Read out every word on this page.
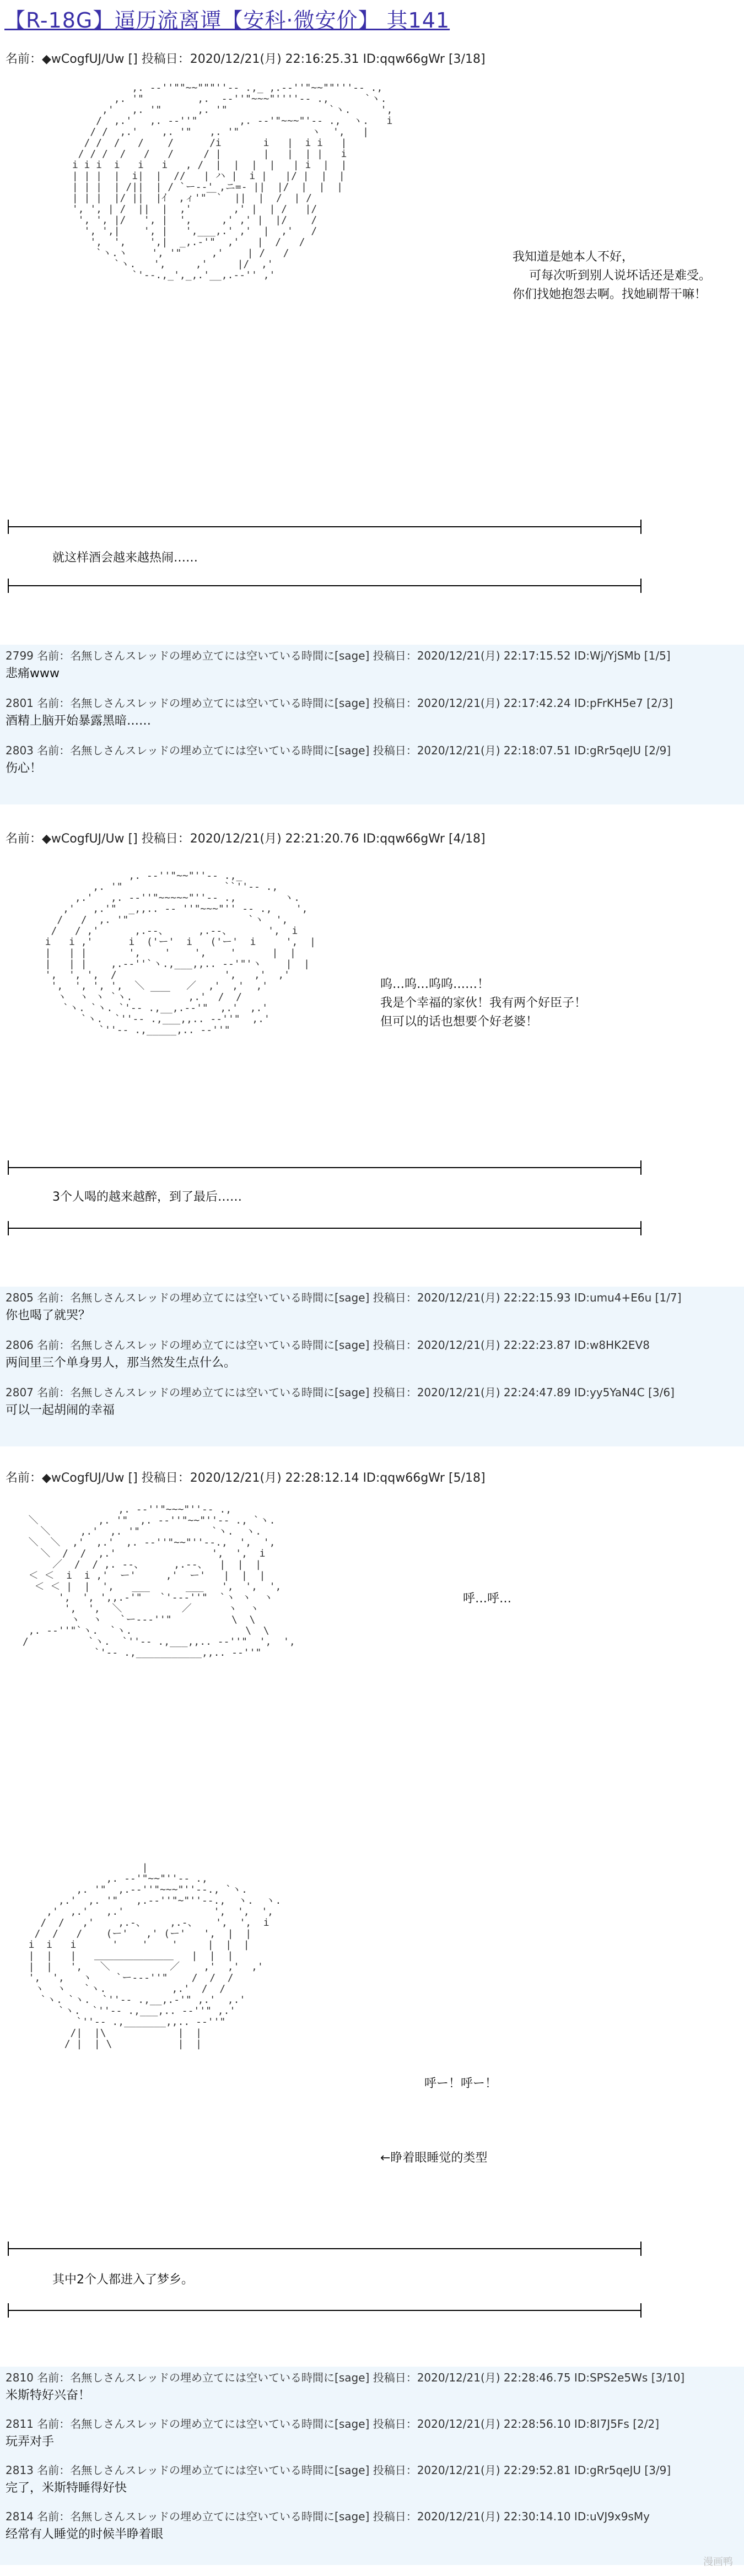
【R-18G】逼历流离谭【安科·微安价】 其141
名前：◆wCogfUJ/Uw [] 投稿日：2020/12/21(月) 22:16:25.31 ID:qqw66gWr [3/18]
,. -‐''""~~"""''‐- .,_ ,.-‐''"~~""'''‐- .,
,. '"         ,.  -‐''"~~~"''''‐- .,      `ヽ.
,'   ,. '"      ,. '"                 `ヽ.     ',
/  ,.'   ,. -‐''"       ,. -‐'"~~~"'‐- .,  ヽ.   i
/ /  ,.'    ,. '"   ,. '"            ヽ  ',   |
/ /  /   /    /      /i       i   |  i i   |
/ / /  /   /   /     / |       |   |  | |   i
i i i  i   i   i   , /  |  |  |  |   | i  |  |
| | |  |  i|  |  //   | ハ |  i |   |/ |  |  |
| | |  | /||  | / `ー-‐' ,ニ=- ||  |/  |  |  |
| | |  |/ ||  |ｲ  ,ィ'"￣`  ||  |  /  | /
', ', | /  ||  |  ,'       ,' |  | /   |/
', ', |/   ', |  ',     ,' ,' |  |/    /
', ',|    ', |   ',___,.' ,'  |  ,'   /
',  ',    ',|  _,.-'"  ,'   |  /   /
`ヽ.ヽ    ', '"     ,'    | /   /
`ヽ.   ',     ,'     |/  ,'
`'‐-.,_',_,.'__,.-‐'' ,'
我知道是她本人不好，
可每次听到别人说坏话还是难受。
你们找她抱怨去啊。找她刷帮干嘛！
就这样酒会越来越热闹……
2799 名前：名無しさんスレッドの埋め立てには空いている時間に[sage] 投稿日：2020/12/21(月) 22:17:15.52 ID:Wj/YjSMb [1/5]
悲痛www
2801 名前：名無しさんスレッドの埋め立てには空いている時間に[sage] 投稿日：2020/12/21(月) 22:17:42.24 ID:pFrKH5e7 [2/3]
酒精上脑开始暴露黑暗……
2803 名前：名無しさんスレッドの埋め立てには空いている時間に[sage] 投稿日：2020/12/21(月) 22:18:07.51 ID:gRr5qeJU [2/9]
伤心！
名前：◆wCogfUJ/Uw [] 投稿日：2020/12/21(月) 22:21:20.76 ID:qqw66gWr [4/18]
,. -‐''"~~"''‐- .,_
,. '"                 ``''‐- .,
,.'   ,. -‐''"~~~~~"''‐- .,        ヽ.
,'   ,.'"  _,,.. -‐ ''"~~~"'' ‐- .,    ',
/   /  ,. '"                    `ヽ  ',
/   / ,'      ,.-‐、     ,.-‐、      ',  i
i   i ,'      i  ('ー'  i   ('ー'  i     ',  |
|   | |       ',    '    ',    '      |  |
|   | |    ,.-‐''`ヽ.,___,,.. -‐'"'ヽ    |  |
',  ', ',  /                  ',   ,'  ,'
',  ', ', ',  ＼       ／  ,'  ,'  ,'
ヽ  ヽ ヽ `ヽ.   ￣￣   ,.'  /  /
`ヽ. `ヽ. `'‐- .,__,.-‐'"  ,.'  ,.'
`ヽ.  `''‐- .,___,,.. -‐''"  ,.'
`''‐- .,_____,.. -‐''"
呜…呜…呜呜……！
我是个幸福的家伙！我有两个好臣子！
但可以的话也想要个好老婆！
3个人喝的越来越醉，到了最后……
2805 名前：名無しさんスレッドの埋め立てには空いている時間に[sage] 投稿日：2020/12/21(月) 22:22:15.93 ID:umu4+E6u [1/7]
你也喝了就哭？
2806 名前：名無しさんスレッドの埋め立てには空いている時間に[sage] 投稿日：2020/12/21(月) 22:22:23.87 ID:w8HK2EV8
两间里三个单身男人，那当然发生点什么。
2807 名前：名無しさんスレッドの埋め立てには空いている時間に[sage] 投稿日：2020/12/21(月) 22:24:47.89 ID:yy5YaN4C [3/6]
可以一起胡闹的幸福
名前：◆wCogfUJ/Uw [] 投稿日：2020/12/21(月) 22:28:12.14 ID:qqw66gWr [5/18]
,. -‐''"~~~"''‐- .,
＼          ,. '"  ,. -‐''"~~"''‐- ., `ヽ.
＼     ,.'  ,. '"            `ヽ.  ヽ.
＼  ＼  ,'  ,.'  ,. -‐''"~~"''‐-.,  ',  ',
＼  /  /  ,.'                ',  ',  i
／  /  / ,. --、     ,.--、  |  |  |
＜ ＜  i  i ,'  ー'     ,'  ー'   |  |  |
＜ ＜ |  |  ',   ___      ___   ',  ',  ',
',  ', ',,.-'"   `'‐-‐''"  `ヽ ヽ  ヽ
',  ',  ＼          ／      ヽ  ヽ
ヽ  ヽ   `ー--‐''"          \  \
,. -‐''"`ヽ.  `ヽ.                   \  \
/          `ヽ.  `''‐- .,___,,.. -‐''"  ',  ',
`'‐- .,___________,,.. -‐''"
呼…呼…
|
,. -‐'"~~"''‐- .,
,. '"  ,.-‐''"~~~"''‐-., `ヽ.
,.'  ,. '"   ,.-‐''"~"''‐-.,  ヽ.  ヽ.
,'  ,.'   ,.'               ',  ',  ',
/  /   ,'    ,.-、    ,.-、   ',  ',  i
/  /   /    (ー'   ,' (ー'   ',  |  |
i  i   i      '    '    '     |  |  |
|  |   |   ＿＿＿＿＿＿＿＿   |  |  |
|  |   ',   ＼          ／    ,'  ,'  ,'
',  ',   ヽ    `ー--‐''"    /  /  /
ヽ  ヽ   `ヽ.           ,.'  /  /
`ヽ. `ヽ.  `''‐- .,__,.-'" ,.'  ,.'
`ヽ.  `''‐- .,___,.. -‐''" ,.'
`''‐- .,_______,,.. -‐''"
/|  |\            |  |
/ |  | \           |  |
呼ー！呼ー！
←睁着眼睡觉的类型
其中2个人都进入了梦乡。
2810 名前：名無しさんスレッドの埋め立てには空いている時間に[sage] 投稿日：2020/12/21(月) 22:28:46.75 ID:SPS2e5Ws [3/10]
米斯特好兴奋！
2811 名前：名無しさんスレッドの埋め立てには空いている時間に[sage] 投稿日：2020/12/21(月) 22:28:56.10 ID:8I7J5Fs [2/2]
玩弄对手
2813 名前：名無しさんスレッドの埋め立てには空いている時間に[sage] 投稿日：2020/12/21(月) 22:29:52.81 ID:gRr5qeJU [3/9]
完了，米斯特睡得好快
2814 名前：名無しさんスレッドの埋め立てには空いている時間に[sage] 投稿日：2020/12/21(月) 22:30:14.10 ID:uVJ9x9sMy
经常有人睡觉的时候半睁着眼
漫画鸭
